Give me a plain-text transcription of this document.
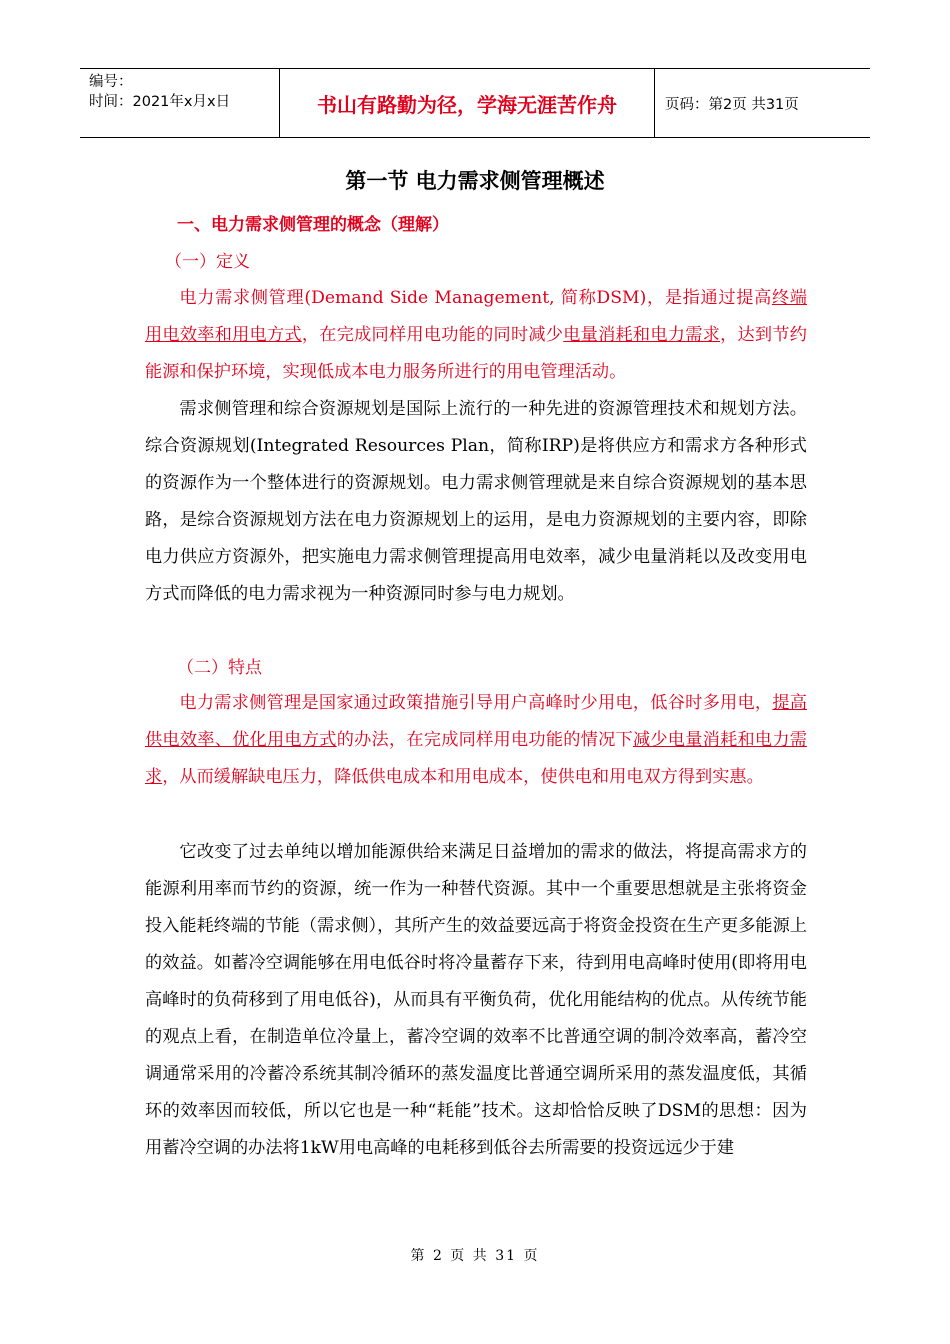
编号：
时间：2021年x月x日	书山有路勤为径，学海无涯苦作舟	页码：第2页 共31页
第一节 电力需求侧管理概述
一、电力需求侧管理的概念（理解）
（一）定义

电力需求侧管理(Demand Side Management, 简称DSM)，是指通过提高终端用电效率和用电方式，在完成同样用电功能的同时减少电量消耗和电力需求，达到节约能源和保护环境，实现低成本电力服务所进行的用电管理活动。

需求侧管理和综合资源规划是国际上流行的一种先进的资源管理技术和规划方法。综合资源规划(Integrated Resources Plan，简称IRP)是将供应方和需求方各种形式的资源作为一个整体进行的资源规划。电力需求侧管理就是来自综合资源规划的基本思路，是综合资源规划方法在电力资源规划上的运用，是电力资源规划的主要内容，即除电力供应方资源外，把实施电力需求侧管理提高用电效率，减少电量消耗以及改变用电方式而降低的电力需求视为一种资源同时参与电力规划。

（二）特点

电力需求侧管理是国家通过政策措施引导用户高峰时少用电，低谷时多用电，提高供电效率、优化用电方式的办法，在完成同样用电功能的情况下减少电量消耗和电力需求，从而缓解缺电压力，降低供电成本和用电成本，使供电和用电双方得到实惠。

它改变了过去单纯以增加能源供给来满足日益增加的需求的做法，将提高需求方的能源利用率而节约的资源，统一作为一种替代资源。其中一个重要思想就是主张将资金投入能耗终端的节能（需求侧），其所产生的效益要远高于将资金投资在生产更多能源上的效益。如蓄冷空调能够在用电低谷时将冷量蓄存下来，待到用电高峰时使用(即将用电高峰时的负荷移到了用电低谷)，从而具有平衡负荷，优化用能结构的优点。从传统节能的观点上看，在制造单位冷量上，蓄冷空调的效率不比普通空调的制冷效率高，蓄冷空调通常采用的冷蓄冷系统其制冷循环的蒸发温度比普通空调所采用的蒸发温度低，其循环的效率因而较低，所以它也是一种“耗能”技术。这却恰恰反映了DSM的思想：因为用蓄冷空调的办法将1kW用电高峰的电耗移到低谷去所需要的投资远远少于建

第 2 页 共 31 页
